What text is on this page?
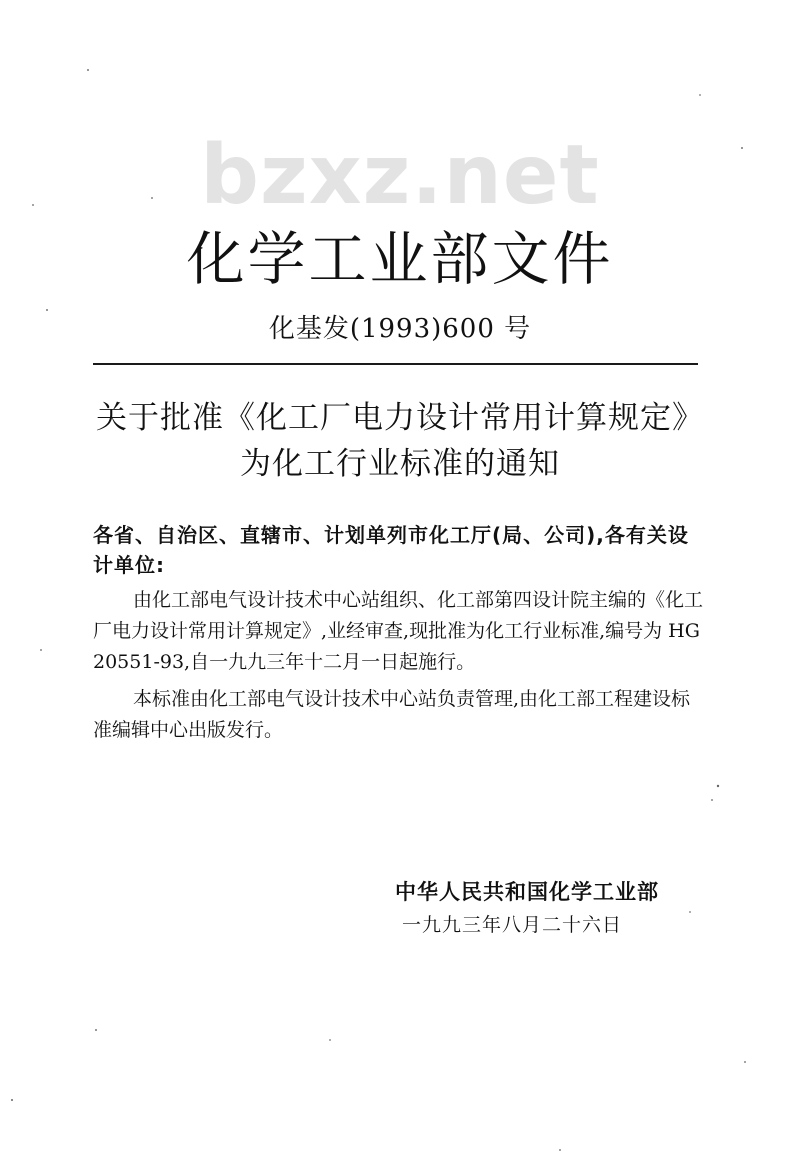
bzxz.net
化学工业部文件
化基发(1993)600 号
关于批准《化工厂电力设计常用计算规定》
为化工行业标准的通知
各省、自治区、直辖市、计划单列市化工厅(局、公司),各有关设计单位:
由化工部电气设计技术中心站组织、化工部第四设计院主编的《化工厂电力设计常用计算规定》,业经审查,现批准为化工行业标准,编号为 HG 20551-93,自一九九三年十二月一日起施行。
本标准由化工部电气设计技术中心站负责管理,由化工部工程建设标准编辑中心出版发行。
中华人民共和国化学工业部
一九九三年八月二十六日
